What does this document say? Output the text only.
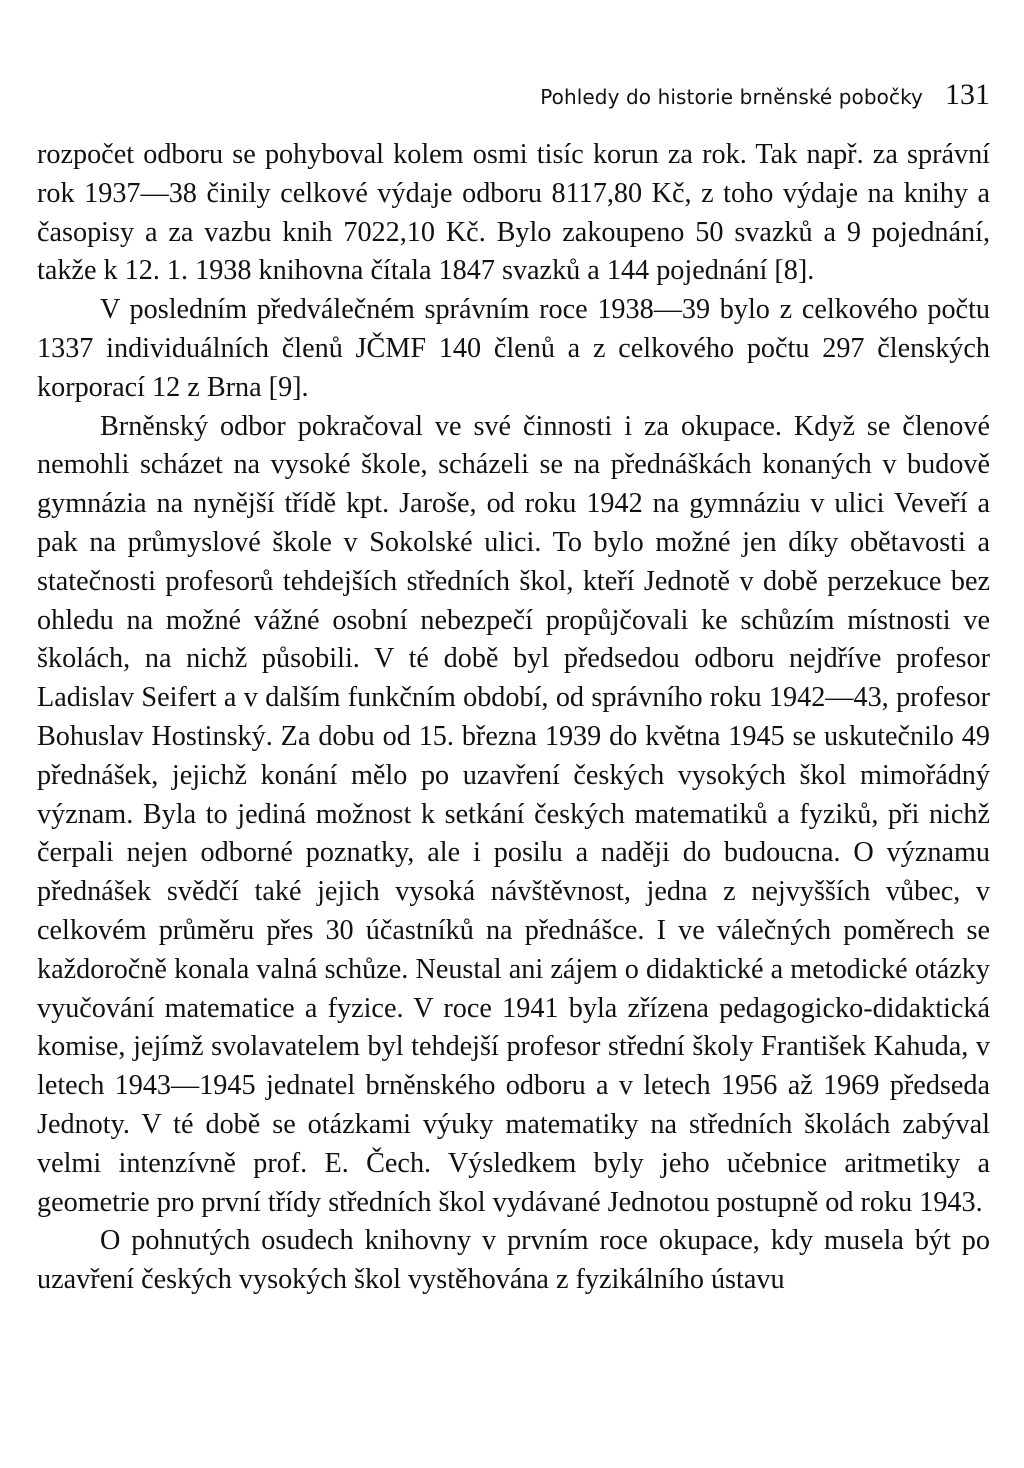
Pohledy do historie brněnské pobočky 131

rozpočet odboru se pohyboval kolem osmi tisíc korun za rok. Tak např. za správní rok 1937—38 činily celkové výdaje odboru 8117,80 Kč, z toho výdaje na knihy a časopisy a za vazbu knih 7022,10 Kč. Bylo zakoupeno 50 svazků a 9 pojednání, takže k 12. 1. 1938 knihovna čítala 1847 svazků a 144 pojednání [8].

V posledním předválečném správním roce 1938—39 bylo z celkového počtu 1337 individuálních členů JČMF 140 členů a z celkového počtu 297 členských korporací 12 z Brna [9].

Brněnský odbor pokračoval ve své činnosti i za okupace. Když se členové nemohli scházet na vysoké škole, scházeli se na přednáškách konaných v budově gymnázia na nynější třídě kpt. Jaroše, od roku 1942 na gymnáziu v ulici Veveří a pak na průmyslové škole v Sokolské ulici. To bylo možné jen díky obětavosti a statečnosti profesorů tehdejších středních škol, kteří Jednotě v době perzekuce bez ohledu na možné vážné osobní nebezpečí propůjčovali ke schůzím místnosti ve školách, na nichž působili. V té době byl předsedou odboru nejdříve profesor Ladislav Seifert a v dalším funkčním období, od správního roku 1942—43, profesor Bohuslav Hostinský. Za dobu od 15. března 1939 do května 1945 se uskutečnilo 49 přednášek, jejichž konání mělo po uzavření českých vysokých škol mimořádný význam. Byla to jediná možnost k setkání českých matematiků a fyziků, při nichž čerpali nejen odborné poznatky, ale i posilu a naději do budoucna. O významu přednášek svědčí také jejich vysoká návštěvnost, jedna z nejvyšších vůbec, v celkovém průměru přes 30 účastníků na přednášce. I ve válečných poměrech se každoročně konala valná schůze. Neustal ani zájem o didaktické a metodické otázky vyučování matematice a fyzice. V roce 1941 byla zřízena pedagogicko-didaktická komise, jejímž svolavatelem byl tehdejší profesor střední školy František Kahuda, v letech 1943—1945 jednatel brněnského odboru a v letech 1956 až 1969 předseda Jednoty. V té době se otázkami výuky matematiky na středních školách zabýval velmi intenzívně prof. E. Čech. Výsledkem byly jeho učebnice aritmetiky a geometrie pro první třídy středních škol vydávané Jednotou postupně od roku 1943.

O pohnutých osudech knihovny v prvním roce okupace, kdy musela být po uzavření českých vysokých škol vystěhována z fyzikálního ústavu
